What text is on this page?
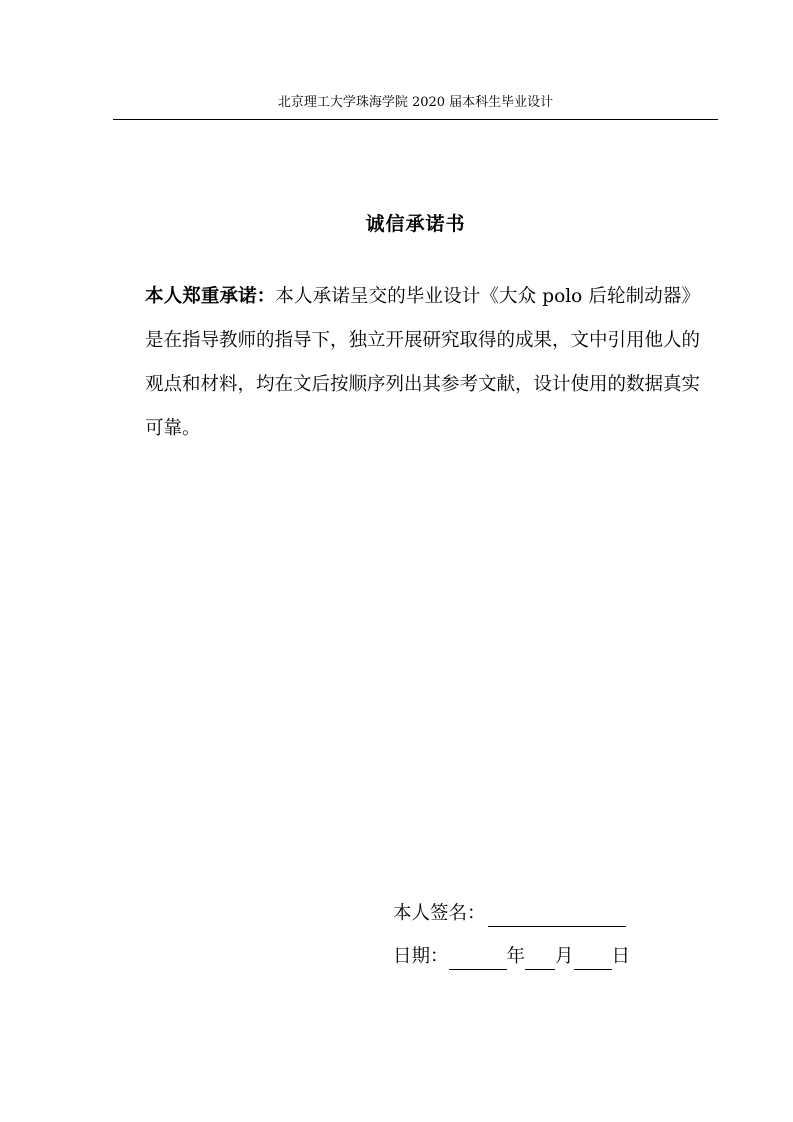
北京理工大学珠海学院 2020 届本科生毕业设计
诚信承诺书
本人郑重承诺：本人承诺呈交的毕业设计《大众 polo 后轮制动器》是在指导教师的指导下，独立开展研究取得的成果，文中引用他人的观点和材料，均在文后按顺序列出其参考文献，设计使用的数据真实可靠。
本人签名：
日期：	年 月 日
